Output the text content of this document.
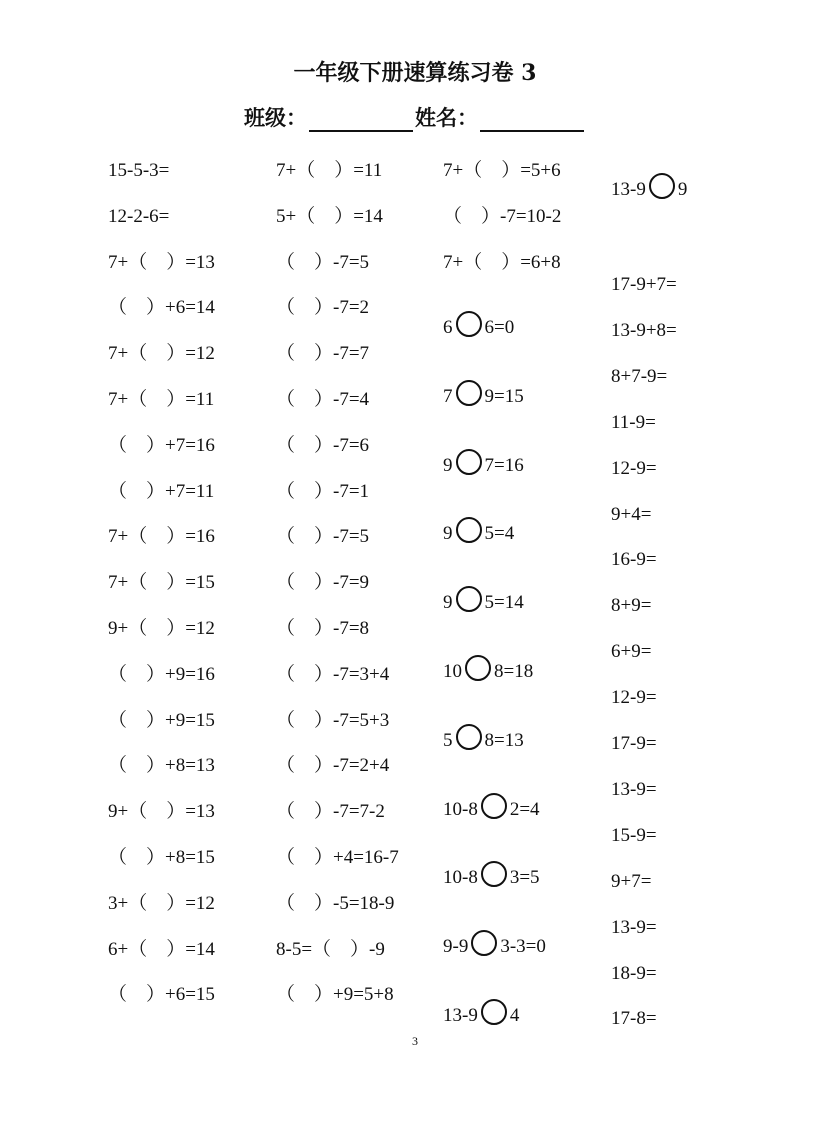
一年级下册速算练习卷 3
班级：	姓名：
15-5-3=
12-2-6=
7+（　）=13
（　）+6=14
7+（　）=12
7+（　）=11
（　）+7=16
（　）+7=11
7+（　）=16
7+（　）=15
9+（　）=12
（　）+9=16
（　）+9=15
（　）+8=13
9+（　）=13
（　）+8=15
3+（　）=12
6+（　）=14
（　）+6=15
7+（　）=11
5+（　）=14
（　）-7=5
（　）-7=2
（　）-7=7
（　）-7=4
（　）-7=6
（　）-7=1
（　）-7=5
（　）-7=9
（　）-7=8
（　）-7=3+4
（　）-7=5+3
（　）-7=2+4
（　）-7=7-2
（　）+4=16-7
（　）-5=18-9
8-5=（　）-9
（　）+9=5+8
7+（　）=5+6
（　）-7=10-2
7+（　）=6+8
6 6=0
7 9=15
9 7=16
9 5=4
9 5=14
10 8=18
5 8=13
10-8 2=4
10-8 3=5
9-9 3-3=0
13-9 4
13-9 9
17-9+7=
13-9+8=
8+7-9=
11-9=
12-9=
9+4=
16-9=
8+9=
6+9=
12-9=
17-9=
13-9=
15-9=
9+7=
13-9=
18-9=
17-8=
3
